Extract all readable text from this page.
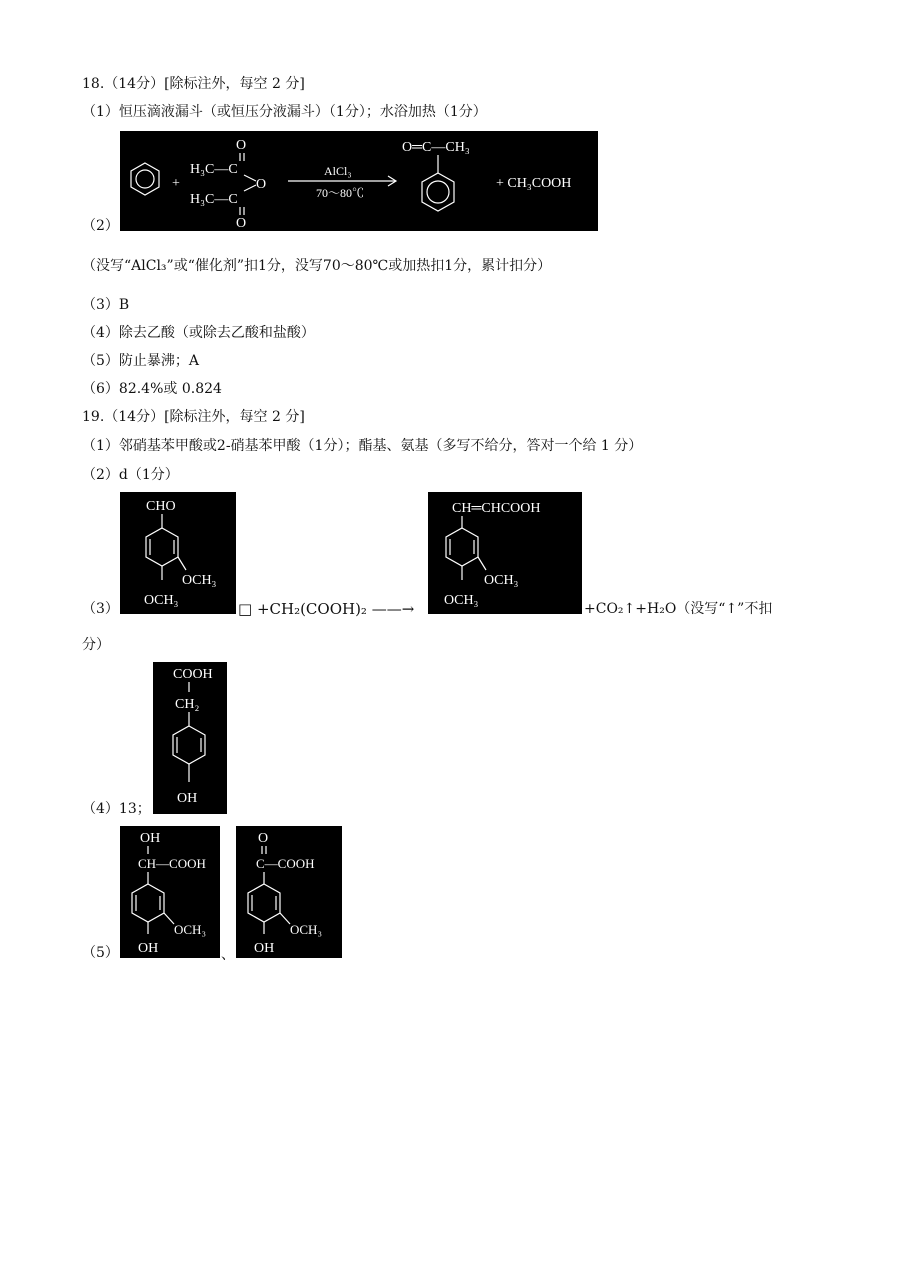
18.（14分）[除标注外，每空 2 分]
（1）恒压滴液漏斗（或恒压分液漏斗）（1分）；水浴加热（1分）
+
H₃C—C
H₃C—C
O
O
O
AlCl₃
70～80℃
O═C—CH₃
+ CH₃COOH
（2）
（没写“AlCl₃”或“催化剂”扣1分，没写70～80℃或加热扣1分，累计扣分）
（3）B
（4）除去乙酸（或除去乙酸和盐酸）
（5）防止暴沸；A
（6）82.4%或 0.824
19.（14分）[除标注外，每空 2 分]
（1）邻硝基苯甲酸或2-硝基苯甲酸（1分）；酯基、氨基（多写不给分，答对一个给 1 分）
（2）d（1分）
CHO
OCH₃
OCH₃
（3）	□ +CH₂(COOH)₂ ——→
CH═CHCOOH
OCH₃
OCH₃
+CO₂↑+H₂O（没写“↑”不扣
分）
COOH
CH₂
OH
（4）13；
OH
CH—COOH
OCH₃
OH	、
O
C—COOH
OCH₃
OH
（5）
